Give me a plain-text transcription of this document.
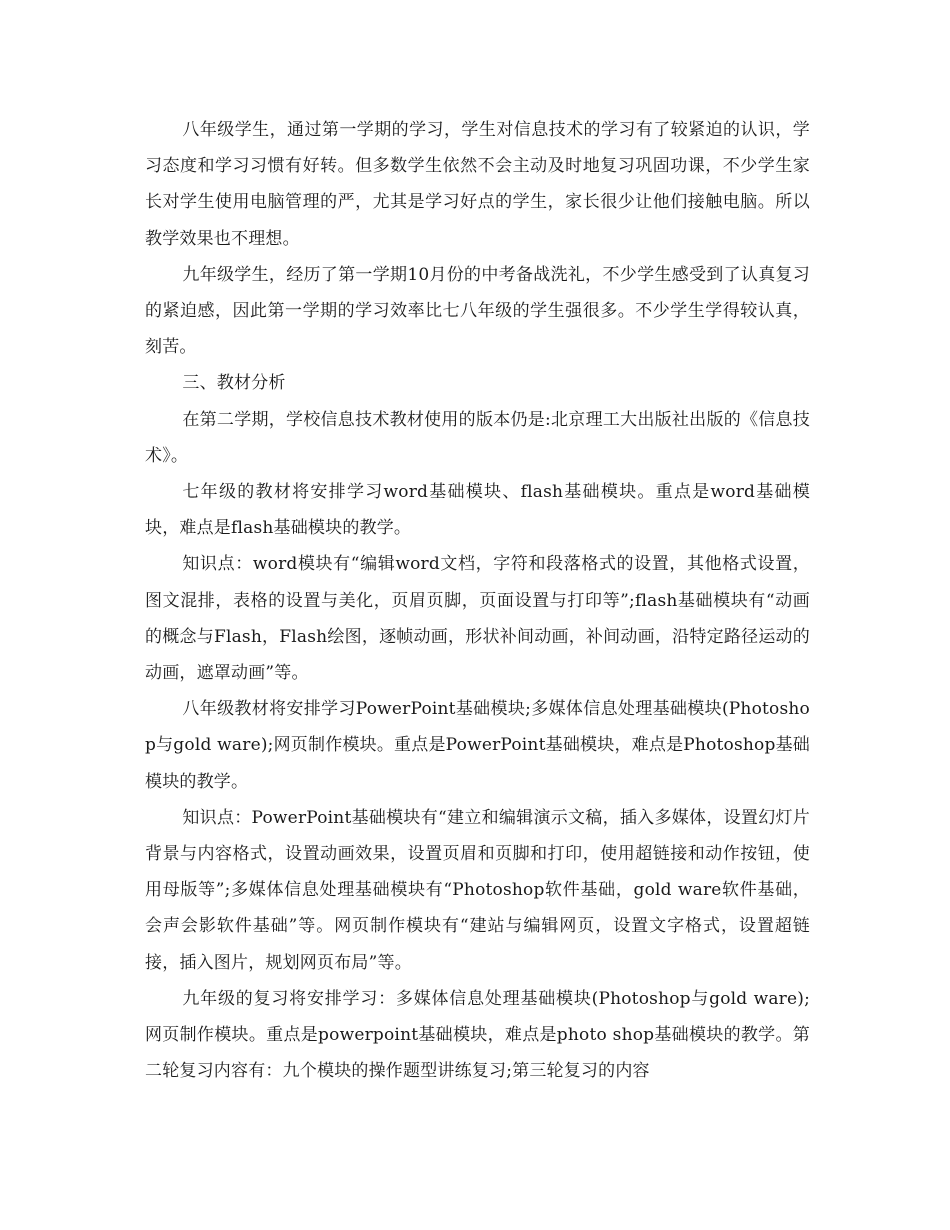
八年级学生，通过第一学期的学习，学生对信息技术的学习有了较紧迫的认识，学习态度和学习习惯有好转。但多数学生依然不会主动及时地复习巩固功课，不少学生家长对学生使用电脑管理的严，尤其是学习好点的学生，家长很少让他们接触电脑。所以教学效果也不理想。

九年级学生，经历了第一学期10月份的中考备战洗礼，不少学生感受到了认真复习的紧迫感，因此第一学期的学习效率比七八年级的学生强很多。不少学生学得较认真，刻苦。

三、教材分析

在第二学期，学校信息技术教材使用的版本仍是:北京理工大出版社出版的《信息技术》。

七年级的教材将安排学习word基础模块、flash基础模块。重点是word基础模块，难点是flash基础模块的教学。

知识点：word模块有“编辑word文档，字符和段落格式的设置，其他格式设置，图文混排，表格的设置与美化，页眉页脚，页面设置与打印等”;flash基础模块有“动画的概念与Flash，Flash绘图，逐帧动画，形状补间动画，补间动画，沿特定路径运动的动画，遮罩动画”等。

八年级教材将安排学习PowerPoint基础模块;多媒体信息处理基础模块(Photoshop与gold ware);网页制作模块。重点是PowerPoint基础模块，难点是Photoshop基础模块的教学。

知识点：PowerPoint基础模块有“建立和编辑演示文稿，插入多媒体，设置幻灯片背景与内容格式，设置动画效果，设置页眉和页脚和打印，使用超链接和动作按钮，使用母版等”;多媒体信息处理基础模块有“Photoshop软件基础，gold ware软件基础，会声会影软件基础”等。网页制作模块有“建站与编辑网页，设置文字格式，设置超链接，插入图片，规划网页布局”等。

九年级的复习将安排学习：多媒体信息处理基础模块(Photoshop与gold ware);网页制作模块。重点是powerpoint基础模块，难点是photo shop基础模块的教学。第二轮复习内容有：九个模块的操作题型讲练复习;第三轮复习的内容
